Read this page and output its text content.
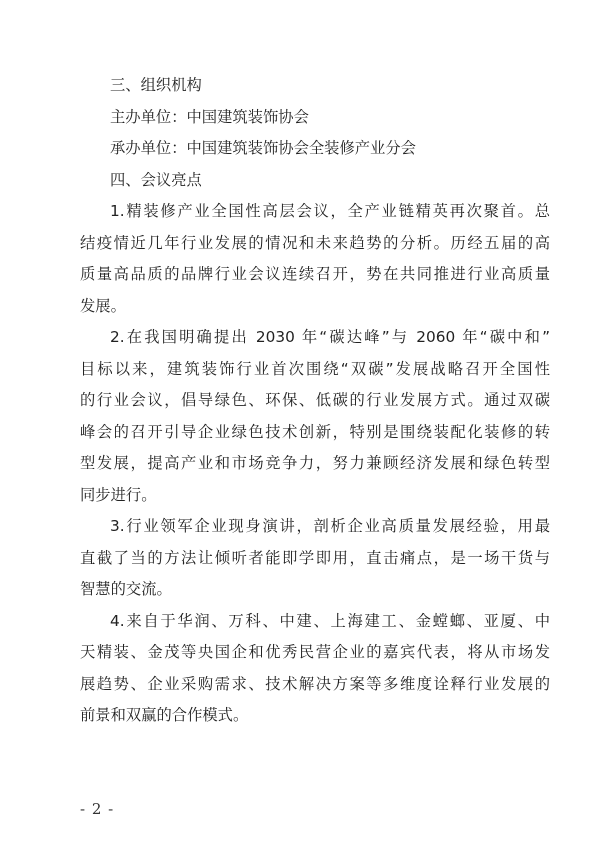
三、组织机构
主办单位：中国建筑装饰协会
承办单位：中国建筑装饰协会全装修产业分会
四、会议亮点
1.精装修产业全国性高层会议，全产业链精英再次聚首。总
结疫情近几年行业发展的情况和未来趋势的分析。历经五届的高
质量高品质的品牌行业会议连续召开，势在共同推进行业高质量
发展。
2.在我国明确提出 2030 年“碳达峰”与 2060 年“碳中和”
目标以来，建筑装饰行业首次围绕“双碳”发展战略召开全国性
的行业会议，倡导绿色、环保、低碳的行业发展方式。通过双碳
峰会的召开引导企业绿色技术创新，特别是围绕装配化装修的转
型发展，提高产业和市场竞争力，努力兼顾经济发展和绿色转型
同步进行。
3.行业领军企业现身演讲，剖析企业高质量发展经验，用最
直截了当的方法让倾听者能即学即用，直击痛点，是一场干货与
智慧的交流。
4.来自于华润、万科、中建、上海建工、金螳螂、亚厦、中
天精装、金茂等央国企和优秀民营企业的嘉宾代表，将从市场发
展趋势、企业采购需求、技术解决方案等多维度诠释行业发展的
前景和双赢的合作模式。
- 2 -
